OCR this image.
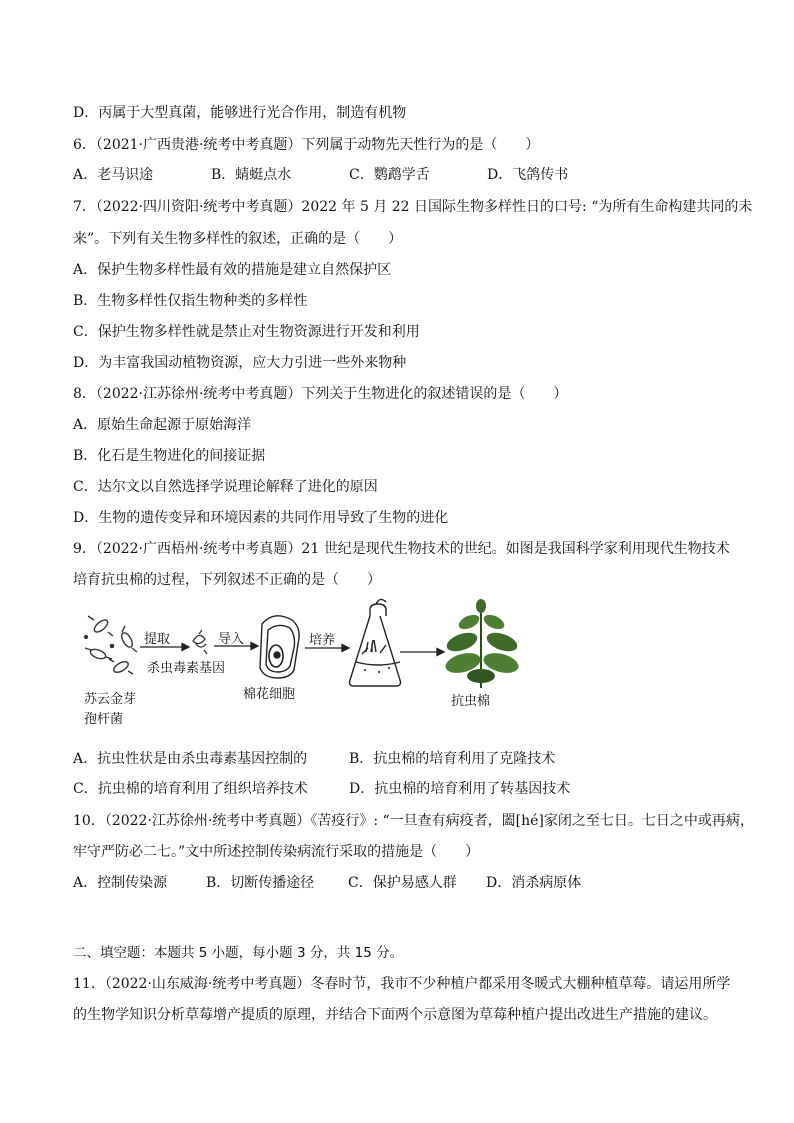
D．丙属于大型真菌，能够进行光合作用，制造有机物
6．（2021·广西贵港·统考中考真题）下列属于动物先天性行为的是（　　）
A．老马识途	B．蜻蜓点水	C．鹦鹉学舌	D．飞鸽传书
7．（2022·四川资阳·统考中考真题）2022 年 5 月 22 日国际生物多样性日的口号: “为所有生命构建共同的未
来”。下列有关生物多样性的叙述，正确的是（　　）
A．保护生物多样性最有效的措施是建立自然保护区
B．生物多样性仅指生物种类的多样性
C．保护生物多样性就是禁止对生物资源进行开发和利用
D．为丰富我国动植物资源，应大力引进一些外来物种
8．（2022·江苏徐州·统考中考真题）下列关于生物进化的叙述错误的是（　　）
A．原始生命起源于原始海洋
B．化石是生物进化的间接证据
C．达尔文以自然选择学说理论解释了进化的原因
D．生物的遗传变异和环境因素的共同作用导致了生物的进化
9．（2022·广西梧州·统考中考真题）21 世纪是现代生物技术的世纪。如图是我国科学家利用现代生物技术
培育抗虫棉的过程，下列叙述不正确的是（　　）
提取	导入	培养
杀虫毒素基因
苏云金芽
孢杆菌
棉花细胞	抗虫棉
A．抗虫性状是由杀虫毒素基因控制的	B．抗虫棉的培育利用了克隆技术
C．抗虫棉的培育利用了组织培养技术	D．抗虫棉的培育利用了转基因技术
10．（2022·江苏徐州·统考中考真题）《苦疫行》: “一旦查有病疫者，闔[hé]家闭之至七日。七日之中或再病，
牢守严防必二七。”文中所述控制传染病流行采取的措施是（　　）
A．控制传染源	B．切断传播途径 C．保护易感人群 D．消杀病原体
二、填空题：本题共 5 小题，每小题 3 分，共 15 分。
11．（2022·山东威海·统考中考真题）冬春时节，我市不少种植户都采用冬暖式大棚种植草莓。请运用所学
的生物学知识分析草莓增产提质的原理，并结合下面两个示意图为草莓种植户提出改进生产措施的建议。
